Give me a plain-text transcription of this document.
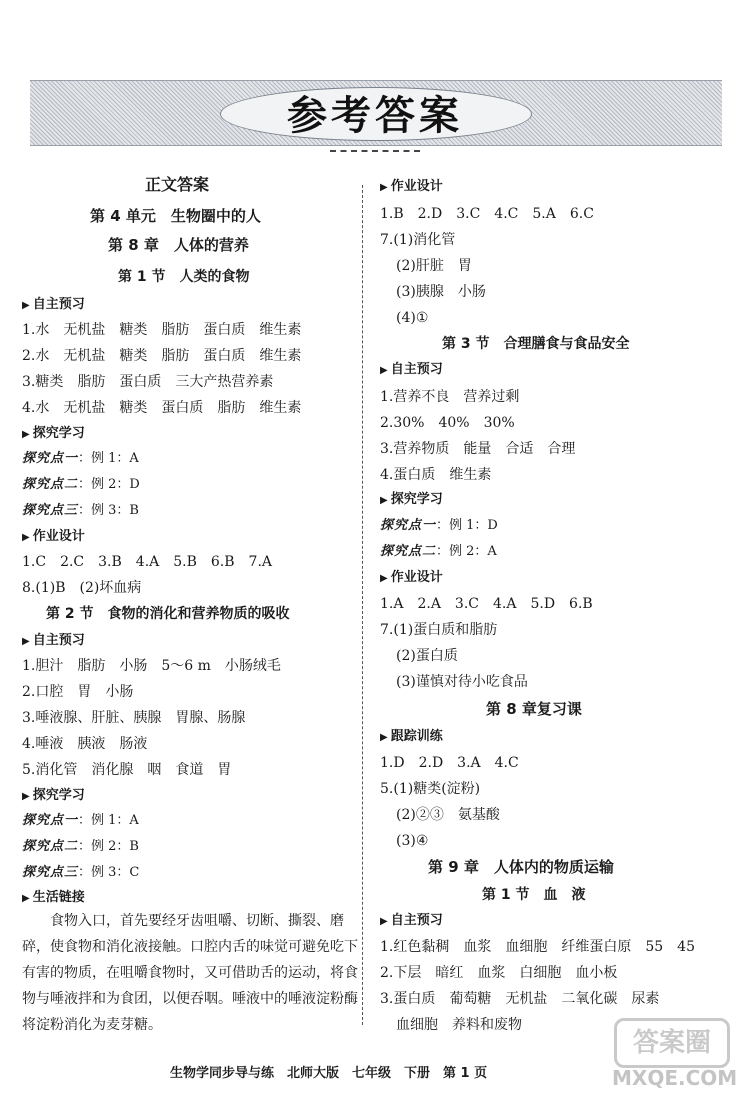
参考答案
正文答案
第 4 单元　生物圈中的人
第 8 章　人体的营养
第 1 节　人类的食物
▶ 自主预习
1.水　无机盐　糖类　脂肪　蛋白质　维生素
2.水　无机盐　糖类　脂肪　蛋白质　维生素
3.糖类　脂肪　蛋白质　三大产热营养素
4.水　无机盐　糖类　蛋白质　脂肪　维生素
▶ 探究学习
探究点一：例 1：A
探究点二：例 2：D
探究点三：例 3：B
▶ 作业设计
1.C　2.C　3.B　4.A　5.B　6.B　7.A
8.(1)B　(2)坏血病
第 2 节　食物的消化和营养物质的吸收
▶ 自主预习
1.胆汁　脂肪　小肠　5～6 m　小肠绒毛
2.口腔　胃　小肠
3.唾液腺、肝脏、胰腺　胃腺、肠腺
4.唾液　胰液　肠液
5.消化管　消化腺　咽　食道　胃
▶ 探究学习
探究点一：例 1：A
探究点二：例 2：B
探究点三：例 3：C
▶ 生活链接
食物入口，首先要经牙齿咀嚼、切断、撕裂、磨碎，使食物和消化液接触。口腔内舌的味觉可避免吃下有害的物质，在咀嚼食物时，又可借助舌的运动，将食物与唾液拌和为食团，以便吞咽。唾液中的唾液淀粉酶将淀粉消化为麦芽糖。
▶ 作业设计
1.B　2.D　3.C　4.C　5.A　6.C
7.(1)消化管
(2)肝脏　胃
(3)胰腺　小肠
(4)①
第 3 节　合理膳食与食品安全
▶ 自主预习
1.营养不良　营养过剩
2.30%　40%　30%
3.营养物质　能量　合适　合理
4.蛋白质　维生素
▶ 探究学习
探究点一：例 1：D
探究点二：例 2：A
▶ 作业设计
1.A　2.A　3.C　4.A　5.D　6.B
7.(1)蛋白质和脂肪
(2)蛋白质
(3)谨慎对待小吃食品
第 8 章复习课
▶ 跟踪训练
1.D　2.D　3.A　4.C
5.(1)糖类(淀粉)
(2)②③　氨基酸
(3)④
第 9 章　人体内的物质运输
第 1 节　血　液
▶ 自主预习
1.红色黏稠　血浆　血细胞　纤维蛋白原　55　45
2.下层　暗红　血浆　白细胞　血小板
3.蛋白质　葡萄糖　无机盐　二氧化碳　尿素
血细胞　养料和废物
生物学同步导与练　北师大版　七年级　下册　第 1 页
答案圈
MXQE.COM
